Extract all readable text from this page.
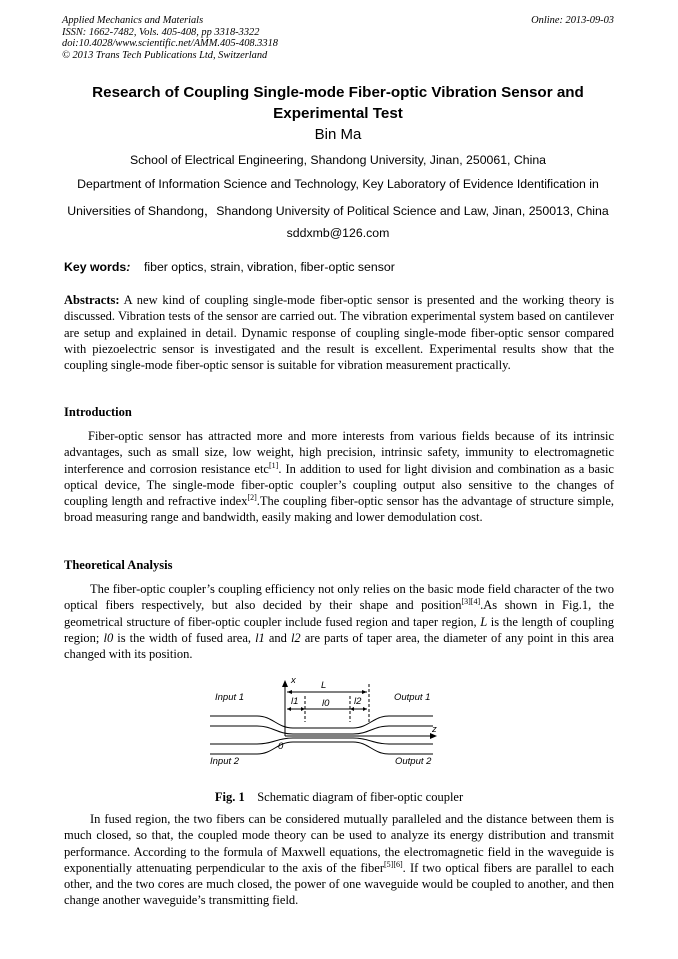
Applied Mechanics and Materials
ISSN: 1662-7482, Vols. 405-408, pp 3318-3322
doi:10.4028/www.scientific.net/AMM.405-408.3318
© 2013 Trans Tech Publications Ltd, Switzerland
Online: 2013-09-03
Research of Coupling Single-mode Fiber-optic Vibration Sensor and
Experimental Test
Bin Ma
School of Electrical Engineering, Shandong University, Jinan, 250061, China
Department of Information Science and Technology, Key Laboratory of Evidence Identification in
Universities of Shandong，Shandong University of Political Science and Law, Jinan, 250013, China
sddxmb@126.com
Key words: fiber optics, strain, vibration, fiber-optic sensor
Abstracts: A new kind of coupling single-mode fiber-optic sensor is presented and the working theory is discussed. Vibration tests of the sensor are carried out. The vibration experimental system based on cantilever are setup and explained in detail. Dynamic response of coupling single-mode fiber-optic sensor compared with piezoelectric sensor is investigated and the result is excellent. Experimental results show that the coupling single-mode fiber-optic sensor is suitable for vibration measurement practically.
Introduction
Fiber-optic sensor has attracted more and more interests from various fields because of its intrinsic advantages, such as small size, low weight, high precision, intrinsic safety, immunity to electromagnetic interference and corrosion resistance etc[1]. In addition to used for light division and combination as a basic optical device, The single-mode fiber-optic coupler’s coupling output also sensitive to the changes of coupling length and refractive index[2].The coupling fiber-optic sensor has the advantage of structure simple, broad measuring range and bandwidth, easily making and lower demodulation cost.
Theoretical Analysis
The fiber-optic coupler’s coupling efficiency not only relies on the basic mode field character of the two optical fibers respectively, but also decided by their shape and position[3][4].As shown in Fig.1, the geometrical structure of fiber-optic coupler include fused region and taper region, L is the length of coupling region; l0 is the width of fused area, l1 and l2 are parts of taper area, the diameter of any point in this area changed with its position.
Input 1
Input 2
Output 1
Output 2
x
z
0
L
l1 l0	l2
Fig. 1 Schematic diagram of fiber-optic coupler
In fused region, the two fibers can be considered mutually paralleled and the distance between them is much closed, so that, the coupled mode theory can be used to analyze its energy distribution and transmit performance. According to the formula of Maxwell equations, the electromagnetic field in the waveguide is exponentially attenuating perpendicular to the axis of the fiber[5][6]. If two optical fibers are parallel to each other, and the two cores are much closed, the power of one waveguide would be coupled to another, and then change another waveguide’s transmitting field.
